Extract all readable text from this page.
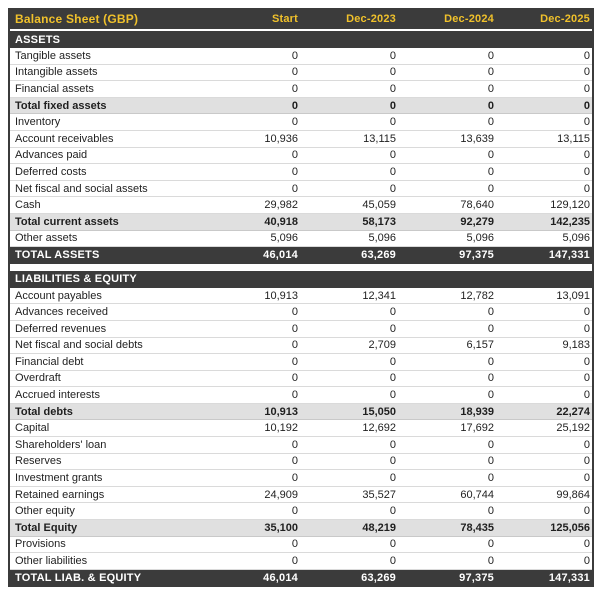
Balance Sheet (GBP)	Start	Dec-2023	Dec-2024	Dec-2025
ASSETS
Tangible assets	0	0	0	0
Intangible assets	0	0	0	0
Financial assets	0	0	0	0
Total fixed assets	0	0	0	0
Inventory	0	0	0	0
Account receivables	10,936	13,115	13,639	13,115
Advances paid	0	0	0	0
Deferred costs	0	0	0	0
Net fiscal and social assets	0	0	0	0
Cash	29,982	45,059	78,640	129,120
Total current assets	40,918	58,173	92,279	142,235
Other assets	5,096	5,096	5,096	5,096
TOTAL ASSETS	46,014	63,269	97,375	147,331
LIABILITIES & EQUITY
Account payables	10,913	12,341	12,782	13,091
Advances received	0	0	0	0
Deferred revenues	0	0	0	0
Net fiscal and social debts	0	2,709	6,157	9,183
Financial debt	0	0	0	0
Overdraft	0	0	0	0
Accrued interests	0	0	0	0
Total debts	10,913	15,050	18,939	22,274
Capital	10,192	12,692	17,692	25,192
Shareholders' loan	0	0	0	0
Reserves	0	0	0	0
Investment grants	0	0	0	0
Retained earnings	24,909	35,527	60,744	99,864
Other equity	0	0	0	0
Total Equity	35,100	48,219	78,435	125,056
Provisions	0	0	0	0
Other liabilities	0	0	0	0
TOTAL LIAB. & EQUITY	46,014	63,269	97,375	147,331
